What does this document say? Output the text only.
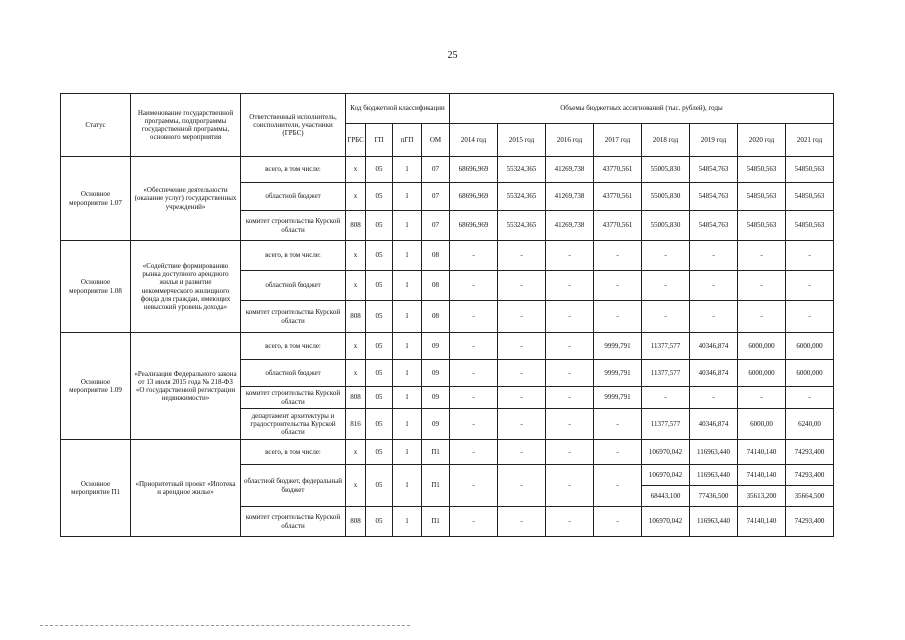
25
Статус	Наименование государственной программы, подпрограммы государственной программы, основного мероприятия	Ответственный исполнитель, соисполнители, участники (ГРБС)	Код бюджетной классификации				Объемы бюджетных ассигнований (тыс. рублей), годы							
			ГРБС	ГП	пГП	ОМ	2014 год	2015 год	2016 год	2017 год	2018 год	2019 год	2020 год	2021 год
Основное мероприятие 1.07	«Обеспечение деятельности (оказание услуг) государственных учреждений»	всего, в том числе:	х	05	1	07	68696,969	55324,365	41269,738	43770,561	55005,830	54854,763	54850,563	54850,563
		областной бюджет	х	05	1	07	68696,969	55324,365	41269,738	43770,561	55005,830	54854,763	54850,563	54850,563
		комитет строительства Курской области	808	05	1	07	68696,969	55324,365	41269,738	43770,561	55005,830	54854,763	54850,563	54850,563
Основное мероприятие 1.08	«Содействие формированию рынка доступного арендного жилья и развитие некоммерческого жилищного фонда для граждан, имеющих невысокий уровень дохода»	всего, в том числе:	х	05	1	08	-	-	-	-	-	-	-	-
		областной бюджет	х	05	1	08	-	-	-	-	-	-	-	-
		комитет строительства Курской области	808	05	1	08	-	-	-	-	-	-	-	-
Основное мероприятие 1.09	«Реализация Федерального закона от 13 июля 2015 года № 218-ФЗ «О государственной регистрации недвижимости»	всего, в том числе:	х	05	1	09	-	-	-	9999,791	11377,577	40346,874	6000,000	6000,000
		областной бюджет	х	05	1	09	-	-	-	9999,791	11377,577	40346,874	6000,000	6000,000
		комитет строительства Курской области	808	05	1	09	-	-	-	9999,791	-	-	-	-
		департамент архитектуры и градостроительства Курской области	816	05	1	09	-	-	-	-	11377,577	40346,874	6000,00	6240,00
Основное мероприятие П1	«Приоритетный проект «Ипотека и арендное жилье»	всего, в том числе:	х	05	1	П1	-	-	-	-	106970,042	116963,440	74140,140	74293,400
		областной бюджет, федеральный бюджет	х	05	1	П1	-	-	-	-	106970,042	116963,440	74140,140	74293,400
											68443,100	77436,500	35613,200	35664,500
		комитет строительства Курской области	808	05	1	П1	-	-	-	-	106970,042	116963,440	74140,140	74293,400
